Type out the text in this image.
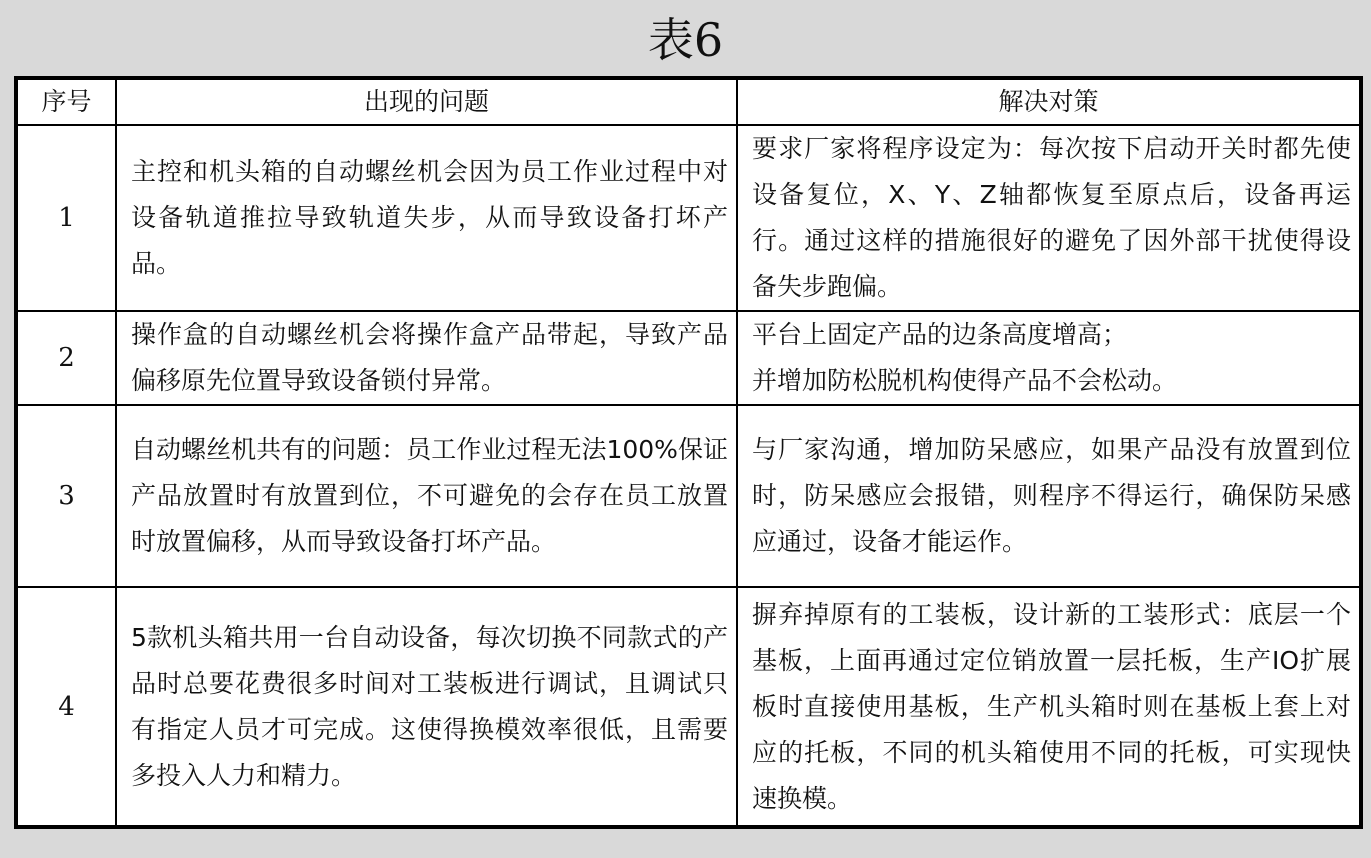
表6
序号	出现的问题	解决对策
1	主控和机头箱的自动螺丝机会因为员工作业过程中对设备轨道推拉导致轨道失步，从而导致设备打坏产品。	要求厂家将程序设定为：每次按下启动开关时都先使设备复位，X、Y、Z轴都恢复至原点后，设备再运行。通过这样的措施很好的避免了因外部干扰使得设备失步跑偏。
2	操作盒的自动螺丝机会将操作盒产品带起，导致产品偏移原先位置导致设备锁付异常。	平台上固定产品的边条高度增高；
并增加防松脱机构使得产品不会松动。

3	自动螺丝机共有的问题：员工作业过程无法100%保证产品放置时有放置到位，不可避免的会存在员工放置时放置偏移，从而导致设备打坏产品。	与厂家沟通，增加防呆感应，如果产品没有放置到位时，防呆感应会报错，则程序不得运行，确保防呆感应通过，设备才能运作。
4	5款机头箱共用一台自动设备，每次切换不同款式的产品时总要花费很多时间对工装板进行调试，且调试只有指定人员才可完成。这使得换模效率很低，且需要多投入人力和精力。	摒弃掉原有的工装板，设计新的工装形式：底层一个基板，上面再通过定位销放置一层托板，生产IO扩展板时直接使用基板，生产机头箱时则在基板上套上对应的托板，不同的机头箱使用不同的托板，可实现快速换模。
